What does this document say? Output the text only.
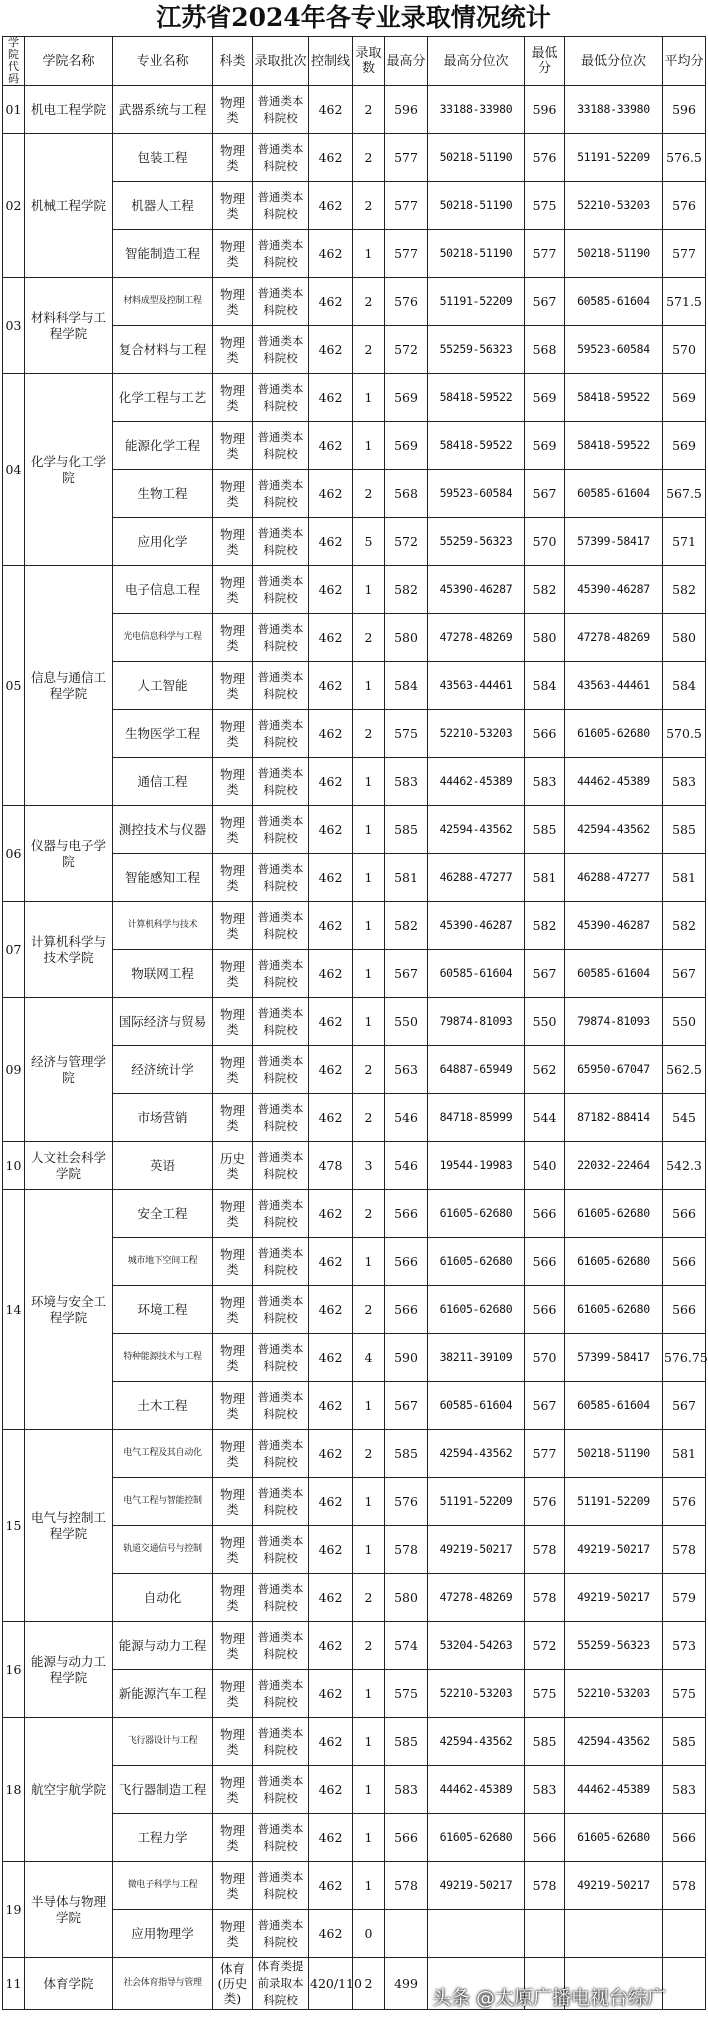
江苏省2024年各专业录取情况统计
学院代码	学院名称	专业名称	科类	录取批次	控制线	录取数	最高分	最高分位次	最低分	最低分位次	平均分
01	机电工程学院	武器系统与工程	物理类	普通类本科院校	462	2	596	33188-33980	596	33188-33980	596
02	机械工程学院	包装工程	物理类	普通类本科院校	462	2	577	50218-51190	576	51191-52209	576.5
		机器人工程	物理类	普通类本科院校	462	2	577	50218-51190	575	52210-53203	576
		智能制造工程	物理类	普通类本科院校	462	1	577	50218-51190	577	50218-51190	577
03	材料科学与工程学院	材料成型及控制工程	物理类	普通类本科院校	462	2	576	51191-52209	567	60585-61604	571.5
		复合材料与工程	物理类	普通类本科院校	462	2	572	55259-56323	568	59523-60584	570
04	化学与化工学院	化学工程与工艺	物理类	普通类本科院校	462	1	569	58418-59522	569	58418-59522	569
		能源化学工程	物理类	普通类本科院校	462	1	569	58418-59522	569	58418-59522	569
		生物工程	物理类	普通类本科院校	462	2	568	59523-60584	567	60585-61604	567.5
		应用化学	物理类	普通类本科院校	462	5	572	55259-56323	570	57399-58417	571
05	信息与通信工程学院	电子信息工程	物理类	普通类本科院校	462	1	582	45390-46287	582	45390-46287	582
		光电信息科学与工程	物理类	普通类本科院校	462	2	580	47278-48269	580	47278-48269	580
		人工智能	物理类	普通类本科院校	462	1	584	43563-44461	584	43563-44461	584
		生物医学工程	物理类	普通类本科院校	462	2	575	52210-53203	566	61605-62680	570.5
		通信工程	物理类	普通类本科院校	462	1	583	44462-45389	583	44462-45389	583
06	仪器与电子学院	测控技术与仪器	物理类	普通类本科院校	462	1	585	42594-43562	585	42594-43562	585
		智能感知工程	物理类	普通类本科院校	462	1	581	46288-47277	581	46288-47277	581
07	计算机科学与技术学院	计算机科学与技术	物理类	普通类本科院校	462	1	582	45390-46287	582	45390-46287	582
		物联网工程	物理类	普通类本科院校	462	1	567	60585-61604	567	60585-61604	567
09	经济与管理学院	国际经济与贸易	物理类	普通类本科院校	462	1	550	79874-81093	550	79874-81093	550
		经济统计学	物理类	普通类本科院校	462	2	563	64887-65949	562	65950-67047	562.5
		市场营销	物理类	普通类本科院校	462	2	546	84718-85999	544	87182-88414	545
10	人文社会科学学院	英语	历史类	普通类本科院校	478	3	546	19544-19983	540	22032-22464	542.3
14	环境与安全工程学院	安全工程	物理类	普通类本科院校	462	2	566	61605-62680	566	61605-62680	566
		城市地下空间工程	物理类	普通类本科院校	462	1	566	61605-62680	566	61605-62680	566
		环境工程	物理类	普通类本科院校	462	2	566	61605-62680	566	61605-62680	566
		特种能源技术与工程	物理类	普通类本科院校	462	4	590	38211-39109	570	57399-58417	576.75
		土木工程	物理类	普通类本科院校	462	1	567	60585-61604	567	60585-61604	567
15	电气与控制工程学院	电气工程及其自动化	物理类	普通类本科院校	462	2	585	42594-43562	577	50218-51190	581
		电气工程与智能控制	物理类	普通类本科院校	462	1	576	51191-52209	576	51191-52209	576
		轨道交通信号与控制	物理类	普通类本科院校	462	1	578	49219-50217	578	49219-50217	578
		自动化	物理类	普通类本科院校	462	2	580	47278-48269	578	49219-50217	579
16	能源与动力工程学院	能源与动力工程	物理类	普通类本科院校	462	2	574	53204-54263	572	55259-56323	573
		新能源汽车工程	物理类	普通类本科院校	462	1	575	52210-53203	575	52210-53203	575
18	航空宇航学院	飞行器设计与工程	物理类	普通类本科院校	462	1	585	42594-43562	585	42594-43562	585
		飞行器制造工程	物理类	普通类本科院校	462	1	583	44462-45389	583	44462-45389	583
		工程力学	物理类	普通类本科院校	462	1	566	61605-62680	566	61605-62680	566
19	半导体与物理学院	微电子科学与工程	物理类	普通类本科院校	462	1	578	49219-50217	578	49219-50217	578
		应用物理学	物理类	普通类本科院校	462	0					
11	体育学院	社会体育指导与管理	体育(历史类)	体育类提前录取本科院校	420/110	2	499				
头条 @太原广播电视台综广
